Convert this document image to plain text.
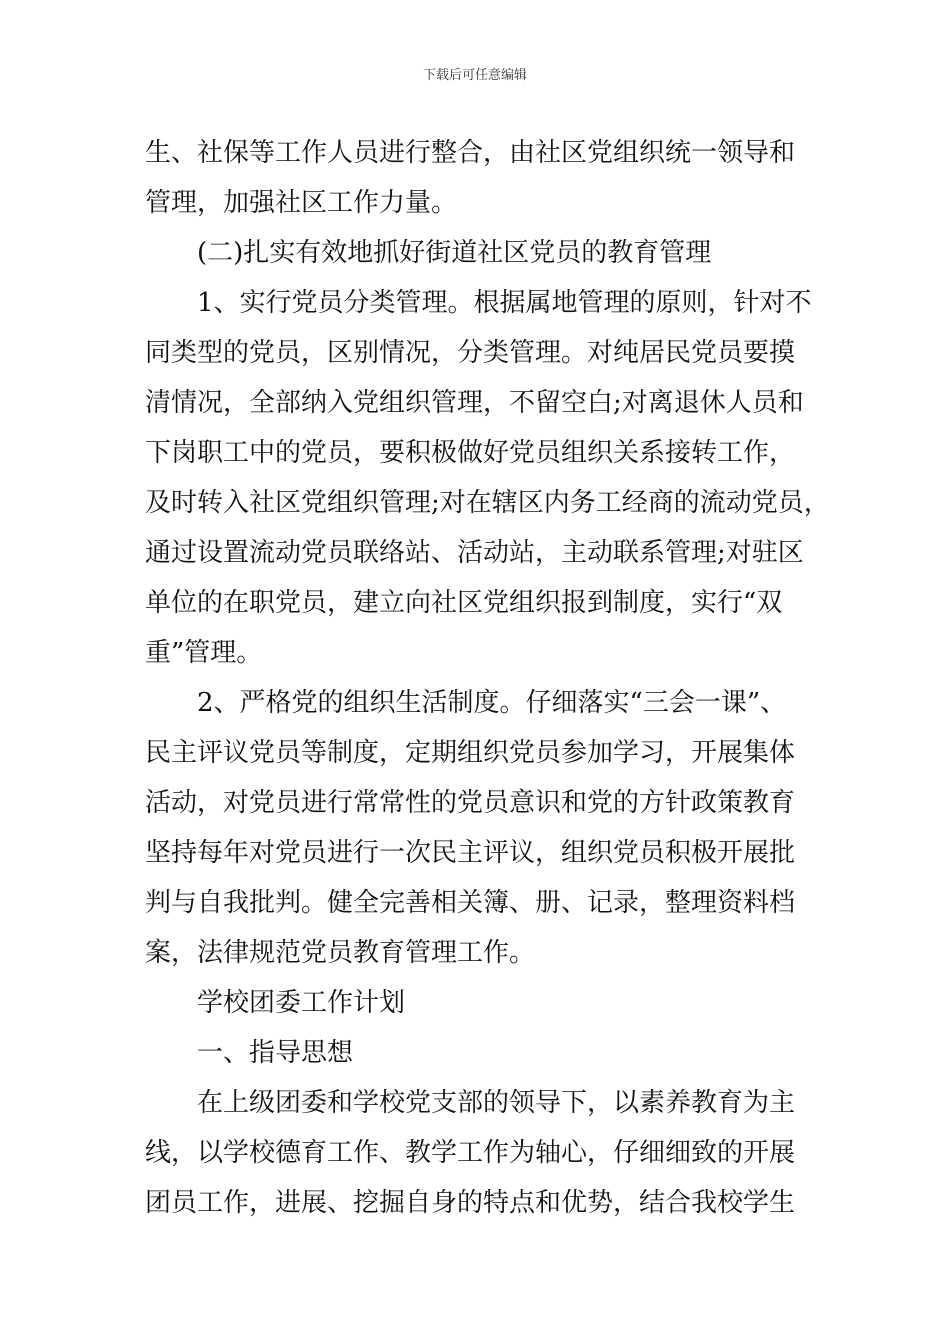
下载后可任意编辑
生、社保等工作人员进行整合，由社区党组织统一领导和
管理，加强社区工作力量。
(二)扎实有效地抓好街道社区党员的教育管理
1、实行党员分类管理。根据属地管理的原则，针对不
同类型的党员，区别情况，分类管理。对纯居民党员要摸
清情况，全部纳入党组织管理，不留空白;对离退休人员和
下岗职工中的党员，要积极做好党员组织关系接转工作，
及时转入社区党组织管理;对在辖区内务工经商的流动党员，
通过设置流动党员联络站、活动站，主动联系管理;对驻区
单位的在职党员，建立向社区党组织报到制度，实行“双
重”管理。
2、严格党的组织生活制度。仔细落实“三会一课”、
民主评议党员等制度，定期组织党员参加学习，开展集体
活动，对党员进行常常性的党员意识和党的方针政策教育
坚持每年对党员进行一次民主评议，组织党员积极开展批
判与自我批判。健全完善相关簿、册、记录，整理资料档
案，法律规范党员教育管理工作。
学校团委工作计划
一、指导思想
在上级团委和学校党支部的领导下，以素养教育为主
线，以学校德育工作、教学工作为轴心，仔细细致的开展
团员工作，进展、挖掘自身的特点和优势，结合我校学生
